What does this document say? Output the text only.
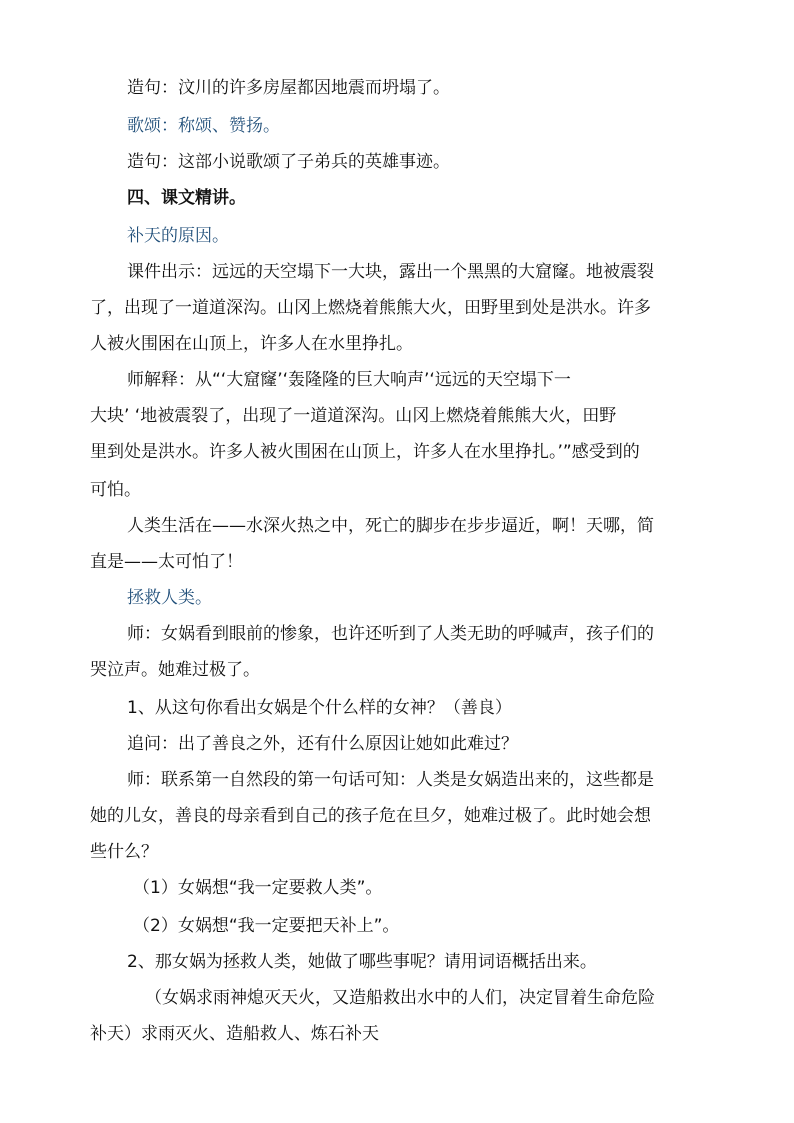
造句：汶川的许多房屋都因地震而坍塌了。
歌颂：称颂、赞扬。
造句：这部小说歌颂了子弟兵的英雄事迹。
四、课文精讲。
补天的原因。
课件出示：远远的天空塌下一大块，露出一个黑黑的大窟窿。地被震裂
了，出现了一道道深沟。山冈上燃烧着熊熊大火，田野里到处是洪水。许多
人被火围困在山顶上，许多人在水里挣扎。
师解释：从“‘大窟窿’‘轰隆隆的巨大响声’‘远远的天空塌下一
大块’ ‘地被震裂了，出现了一道道深沟。山冈上燃烧着熊熊大火，田野
里到处是洪水。许多人被火围困在山顶上，许多人在水里挣扎。’”感受到的
可怕。
人类生活在——水深火热之中，死亡的脚步在步步逼近，啊！天哪，简
直是——太可怕了！
拯救人类。
师：女娲看到眼前的惨象，也许还听到了人类无助的呼喊声，孩子们的
哭泣声。她难过极了。
1、从这句你看出女娲是个什么样的女神？（善良）
追问：出了善良之外，还有什么原因让她如此难过？
师：联系第一自然段的第一句话可知：人类是女娲造出来的，这些都是
她的儿女，善良的母亲看到自己的孩子危在旦夕，她难过极了。此时她会想
些什么？
（1）女娲想“我一定要救人类”。
（2）女娲想“我一定要把天补上”。
2、那女娲为拯救人类，她做了哪些事呢？请用词语概括出来。
（女娲求雨神熄灭天火，又造船救出水中的人们，决定冒着生命危险
补天）求雨灭火、造船救人、炼石补天
